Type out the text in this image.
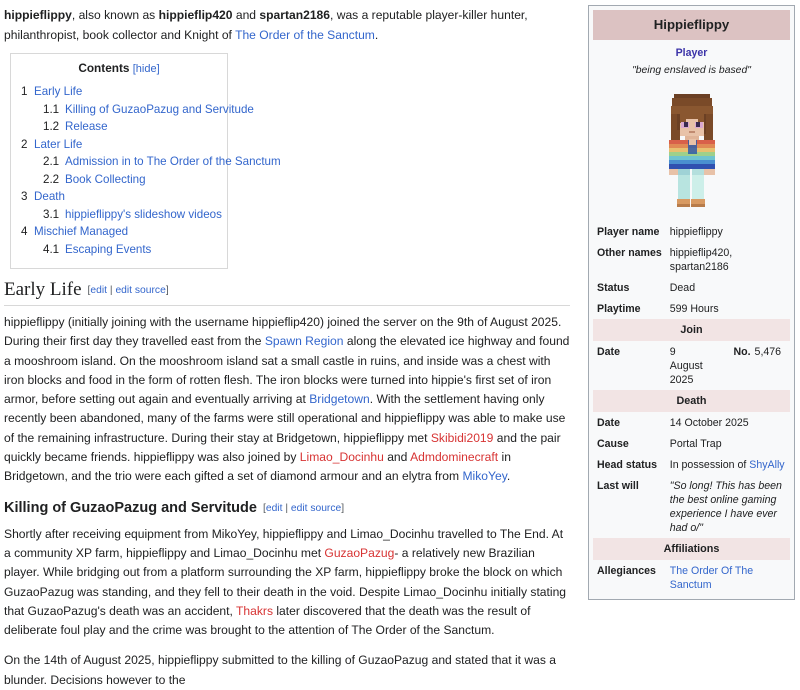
hippieflippy, also known as hippieflip420 and spartan2186, was a reputable player-killer hunter, philanthropist, book collector and Knight of The Order of the Sanctum.

Contents [hide]
1 Early Life
1.1 Killing of GuzaoPazug and Servitude
1.2 Release
2 Later Life
2.1 Admission in to The Order of the Sanctum
2.2 Book Collecting
3 Death
3.1 hippieflippy's slideshow videos
4 Mischief Managed
4.1 Escaping Events
Early Life [edit | edit source]

hippieflippy (initially joining with the username hippieflip420) joined the server on the 9th of August 2025. During their first day they travelled east from the Spawn Region along the elevated ice highway and found a mooshroom island. On the mooshroom island sat a small castle in ruins, and inside was a chest with iron blocks and food in the form of rotten flesh. The iron blocks were turned into hippie's first set of iron armor, before setting out again and eventually arriving at Bridgetown. With the settlement having only recently been abandoned, many of the farms were still operational and hippieflippy was able to make use of the remaining infrastructure. During their stay at Bridgetown, hippieflippy met Skibidi2019 and the pair quickly became friends. hippieflippy was also joined by Limao_Docinhu and Admdominecraft in Bridgetown, and the trio were each gifted a set of diamond armour and an elytra from MikoYey.

Killing of GuzaoPazug and Servitude [edit | edit source]

Shortly after receiving equipment from MikoYey, hippieflippy and Limao_Docinhu travelled to The End. At a community XP farm, hippieflippy and Limao_Docinhu met GuzaoPazug- a relatively new Brazilian player. While bridging out from a platform surrounding the XP farm, hippieflippy broke the block on which GuzaoPazug was standing, and they fell to their death in the void. Despite Limao_Docinhu initially stating that GuzaoPazug's death was an accident, Thakrs later discovered that the death was the result of deliberate foul play and the crime was brought to the attention of The Order of the Sanctum.

On the 14th of August 2025, hippieflippy submitted to the killing of GuzaoPazug and stated that it was a blunder. Decisions however to the

Hippieflippy
Player
"being enslaved is based"
Player name	hippieflippy	
Other names	hippieflip420, spartan2186	
Status	Dead	
Playtime	599 Hours	
Join		
Date	9 August 2025	No. 5,476
Death		
Date	14 October 2025	
Cause	Portal Trap	
Head status	In possession of ShyAlly	
Last will	"So long! This has been the best online gaming experience I have ever had o/"	
Affiliations		
Allegiances	The Order Of The Sanctum	
